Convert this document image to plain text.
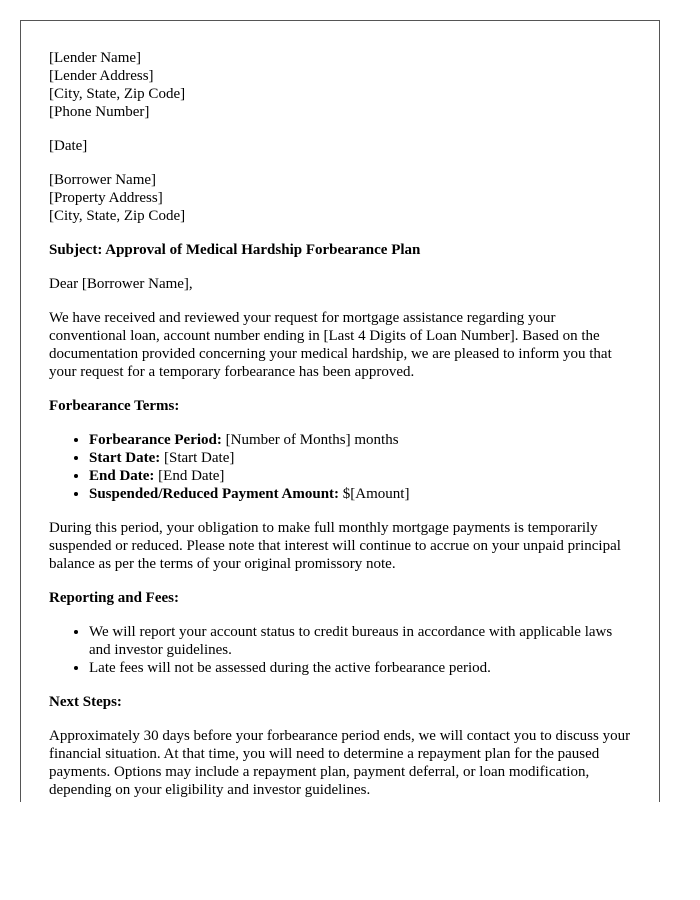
[Lender Name]
[Lender Address]
[City, State, Zip Code]
[Phone Number]

[Date]

[Borrower Name]
[Property Address]
[City, State, Zip Code]

Subject: Approval of Medical Hardship Forbearance Plan

Dear [Borrower Name],

We have received and reviewed your request for mortgage assistance regarding your conventional loan, account number ending in [Last 4 Digits of Loan Number]. Based on the documentation provided concerning your medical hardship, we are pleased to inform you that your request for a temporary forbearance has been approved.

Forbearance Terms:
• Forbearance Period: [Number of Months] months
• Start Date: [Start Date]
• End Date: [End Date]
• Suspended/Reduced Payment Amount: $[Amount]

During this period, your obligation to make full monthly mortgage payments is temporarily suspended or reduced. Please note that interest will continue to accrue on your unpaid principal balance as per the terms of your original promissory note.

Reporting and Fees:
• We will report your account status to credit bureaus in accordance with applicable laws and investor guidelines.
• Late fees will not be assessed during the active forbearance period.
Next Steps:

Approximately 30 days before your forbearance period ends, we will contact you to discuss your financial situation. At that time, you will need to determine a repayment plan for the paused payments. Options may include a repayment plan, payment deferral, or loan modification, depending on your eligibility and investor guidelines.
